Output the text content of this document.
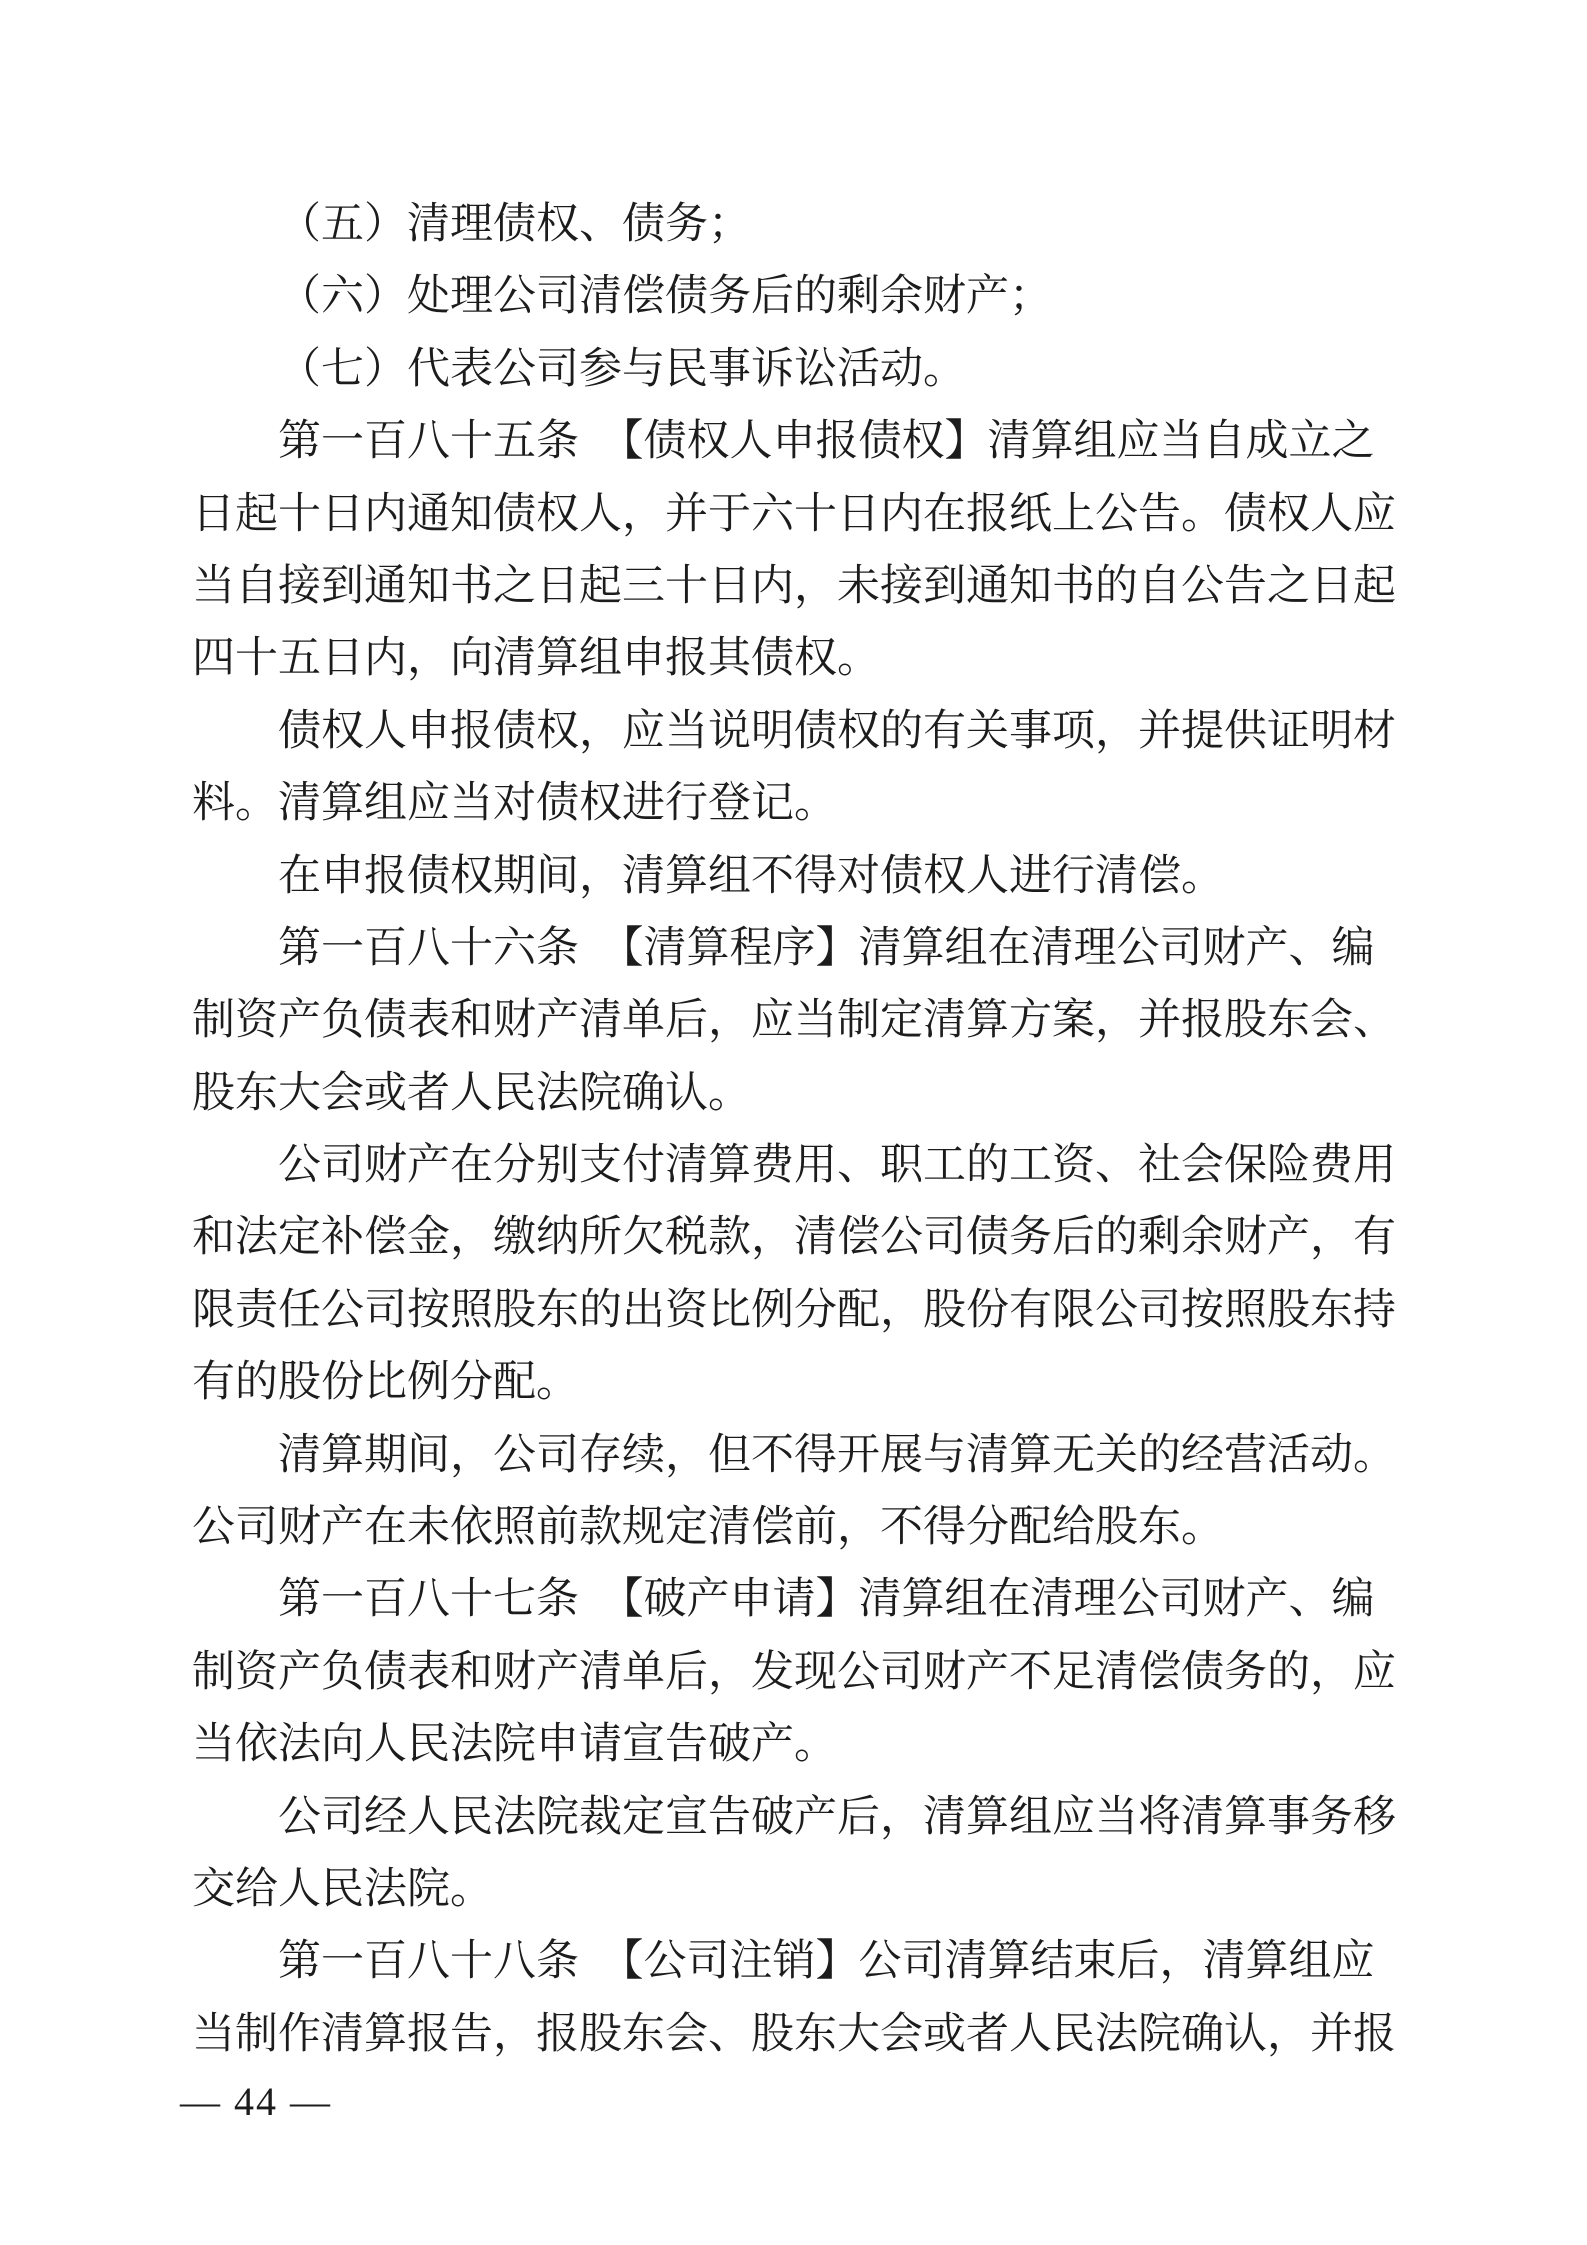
（五）清理债权、债务；
（六）处理公司清偿债务后的剩余财产；
（七）代表公司参与民事诉讼活动。
第一百八十五条　【债权人申报债权】清算组应当自成立之
日起十日内通知债权人，并于六十日内在报纸上公告。债权人应
当自接到通知书之日起三十日内，未接到通知书的自公告之日起
四十五日内，向清算组申报其债权。
债权人申报债权，应当说明债权的有关事项，并提供证明材
料。清算组应当对债权进行登记。
在申报债权期间，清算组不得对债权人进行清偿。
第一百八十六条　【清算程序】清算组在清理公司财产、编
制资产负债表和财产清单后，应当制定清算方案，并报股东会、
股东大会或者人民法院确认。
公司财产在分别支付清算费用、职工的工资、社会保险费用
和法定补偿金，缴纳所欠税款，清偿公司债务后的剩余财产，有
限责任公司按照股东的出资比例分配，股份有限公司按照股东持
有的股份比例分配。
清算期间，公司存续，但不得开展与清算无关的经营活动。
公司财产在未依照前款规定清偿前，不得分配给股东。
第一百八十七条　【破产申请】清算组在清理公司财产、编
制资产负债表和财产清单后，发现公司财产不足清偿债务的，应
当依法向人民法院申请宣告破产。
公司经人民法院裁定宣告破产后，清算组应当将清算事务移
交给人民法院。
第一百八十八条　【公司注销】公司清算结束后，清算组应
当制作清算报告，报股东会、股东大会或者人民法院确认，并报
— 44 —
